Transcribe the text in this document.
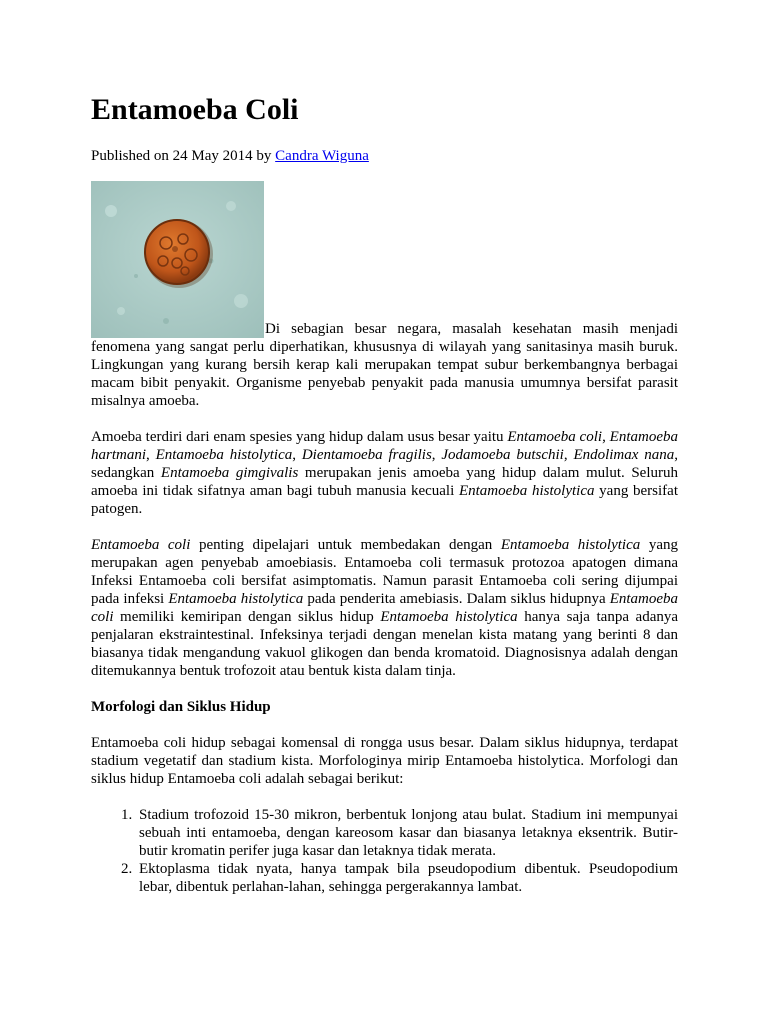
Entamoeba Coli

Published on 24 May 2014 by Candra Wiguna

Di sebagian besar negara, masalah kesehatan masih menjadi fenomena yang sangat perlu diperhatikan, khususnya di wilayah yang sanitasinya masih buruk. Lingkungan yang kurang bersih kerap kali merupakan tempat subur berkembangnya berbagai macam bibit penyakit. Organisme penyebab penyakit pada manusia umumnya bersifat parasit misalnya amoeba.

Amoeba terdiri dari enam spesies yang hidup dalam usus besar yaitu Entamoeba coli, Entamoeba hartmani, Entamoeba histolytica, Dientamoeba fragilis, Jodamoeba butschii, Endolimax nana, sedangkan Entamoeba gimgivalis merupakan jenis amoeba yang hidup dalam mulut. Seluruh amoeba ini tidak sifatnya aman bagi tubuh manusia kecuali Entamoeba histolytica yang bersifat patogen.

Entamoeba coli penting dipelajari untuk membedakan dengan Entamoeba histolytica yang merupakan agen penyebab amoebiasis. Entamoeba coli termasuk protozoa apatogen dimana Infeksi Entamoeba coli bersifat asimptomatis. Namun parasit Entamoeba coli sering dijumpai pada infeksi Entamoeba histolytica pada penderita amebiasis. Dalam siklus hidupnya Entamoeba coli memiliki kemiripan dengan siklus hidup Entamoeba histolytica hanya saja tanpa adanya penjalaran ekstraintestinal. Infeksinya terjadi dengan menelan kista matang yang berinti 8 dan biasanya tidak mengandung vakuol glikogen dan benda kromatoid. Diagnosisnya adalah dengan ditemukannya bentuk trofozoit atau bentuk kista dalam tinja.

Morfologi dan Siklus Hidup

Entamoeba coli hidup sebagai komensal di rongga usus besar. Dalam siklus hidupnya, terdapat stadium vegetatif dan stadium kista. Morfologinya mirip Entamoeba histolytica. Morfologi dan siklus hidup Entamoeba coli adalah sebagai berikut:

1. Stadium trofozoid 15-30 mikron, berbentuk lonjong atau bulat. Stadium ini mempunyai sebuah inti entamoeba, dengan kareosom kasar dan biasanya letaknya eksentrik. Butir-butir kromatin perifer juga kasar dan letaknya tidak merata.
2. Ektoplasma tidak nyata, hanya tampak bila pseudopodium dibentuk. Pseudopodium lebar, dibentuk perlahan-lahan, sehingga pergerakannya lambat.
